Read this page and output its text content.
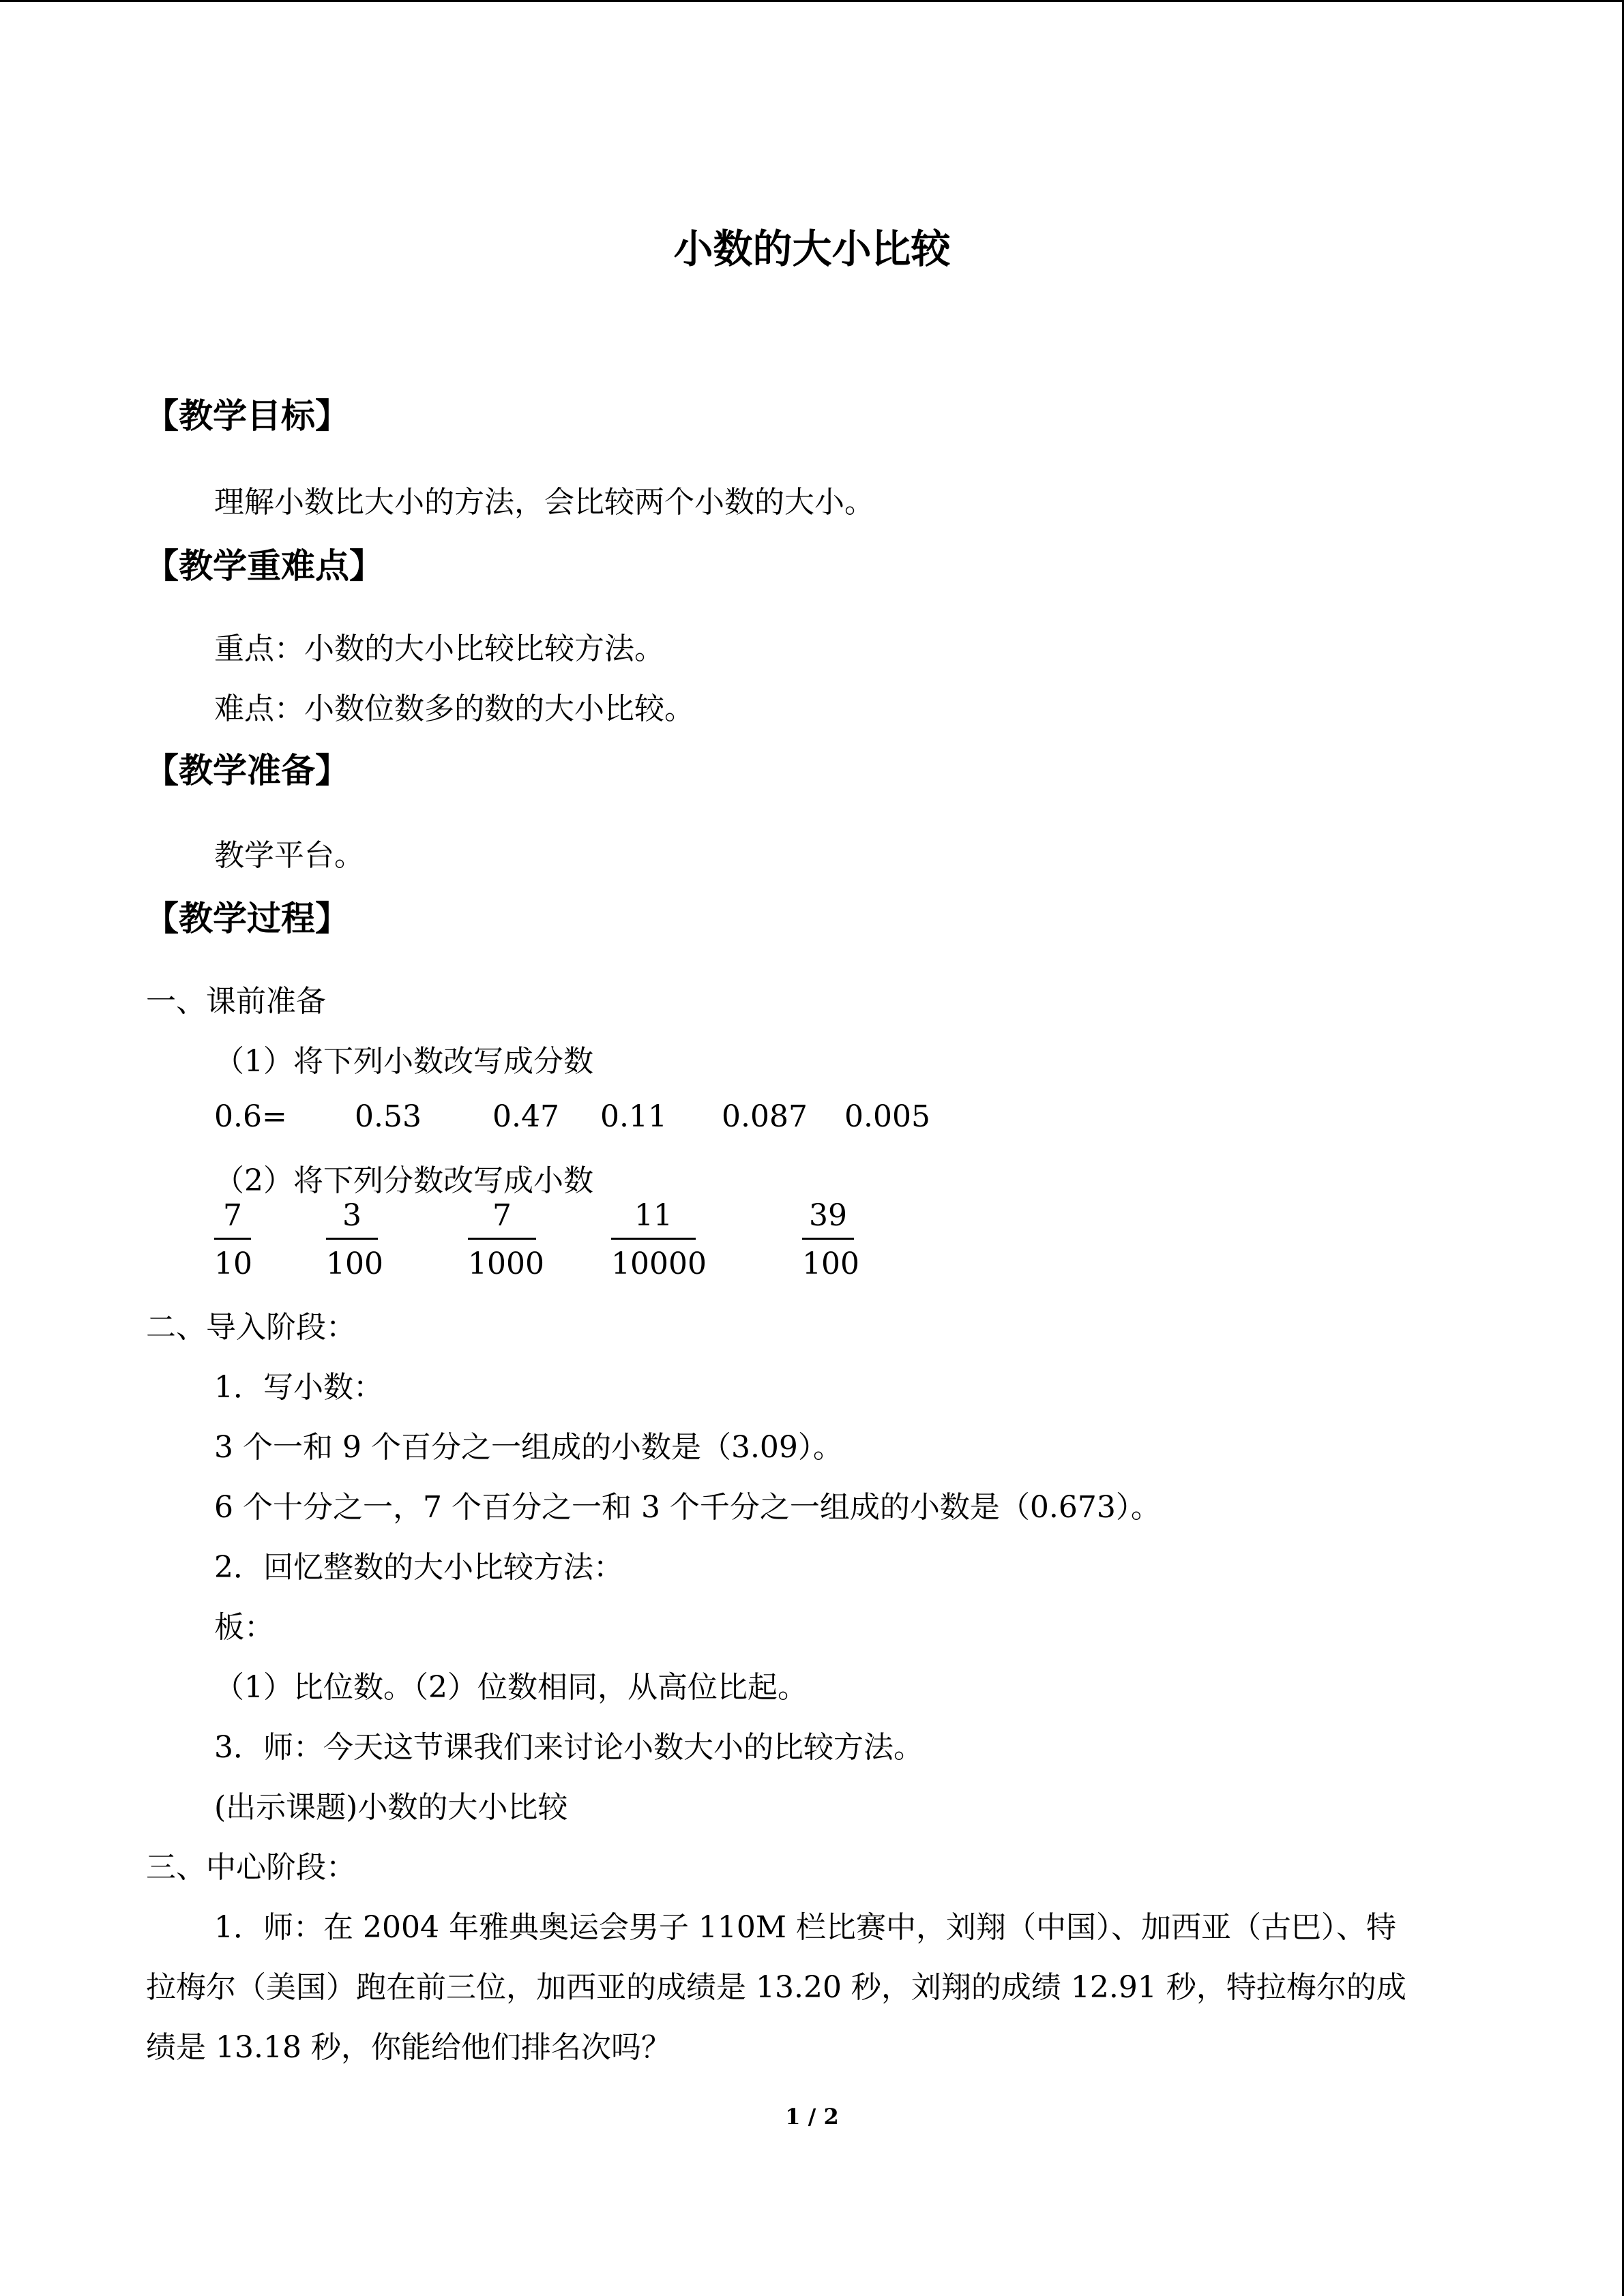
小数的大小比较
【教学目标】
理解小数比大小的方法，会比较两个小数的大小。
【教学重难点】
重点：小数的大小比较比较方法。
难点：小数位数多的数的大小比较。
【教学准备】
教学平台。
【教学过程】
一、课前准备
（1）将下列小数改写成分数
0.6= 0.53 0.47 0.11 0.087 0.005
（2）将下列分数改写成小数
7
10
3
100
7
1000
11
10000
39
100
二、导入阶段：
1．写小数：
3 个一和 9 个百分之一组成的小数是（3.09）。
6 个十分之一，7 个百分之一和 3 个千分之一组成的小数是（0.673）。
2．回忆整数的大小比较方法：
板：
（1）比位数。（2）位数相同，从高位比起。
3．师：今天这节课我们来讨论小数大小的比较方法。
(出示课题)小数的大小比较
三、中心阶段：
1．师：在 2004 年雅典奥运会男子 110M 栏比赛中，刘翔（中国）、加西亚（古巴）、特
拉梅尔（美国）跑在前三位，加西亚的成绩是 13.20 秒，刘翔的成绩 12.91 秒，特拉梅尔的成
绩是 13.18 秒，你能给他们排名次吗？
1 / 2
